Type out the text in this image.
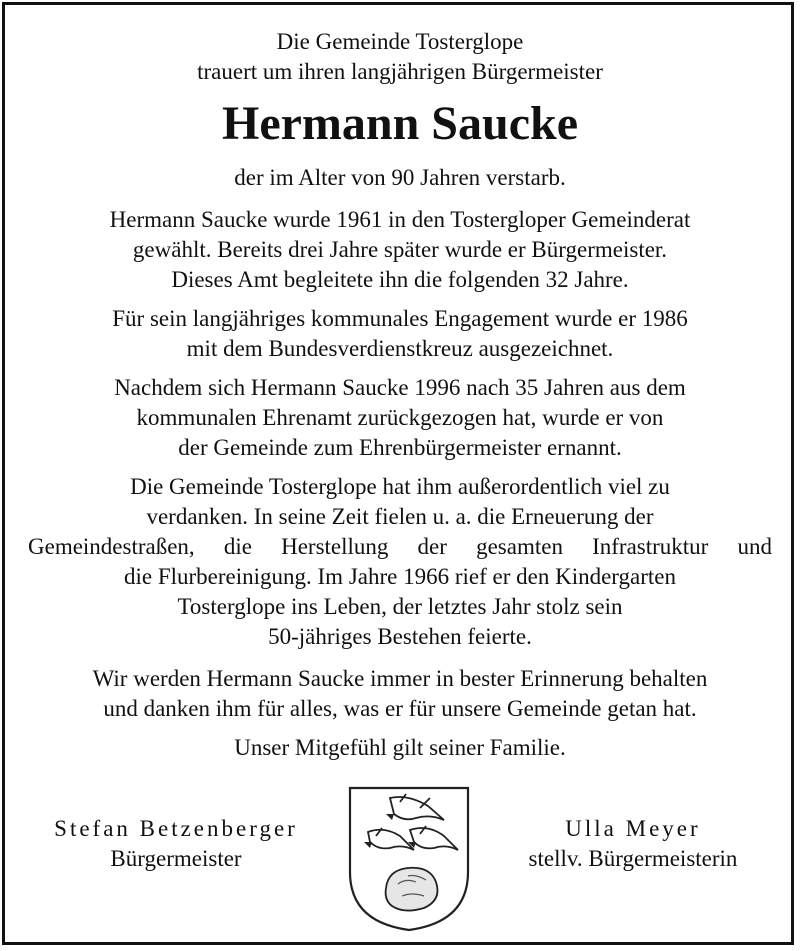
Die Gemeinde Tosterglope
trauert um ihren langjährigen Bürgermeister
Hermann Saucke
der im Alter von 90 Jahren verstarb.
Hermann Saucke wurde 1961 in den Tostergloper Gemeinderat
gewählt. Bereits drei Jahre später wurde er Bürgermeister.
Dieses Amt begleitete ihn die folgenden 32 Jahre.
Für sein langjähriges kommunales Engagement wurde er 1986
mit dem Bundesverdienstkreuz ausgezeichnet.
Nachdem sich Hermann Saucke 1996 nach 35 Jahren aus dem
kommunalen Ehrenamt zurückgezogen hat, wurde er von
der Gemeinde zum Ehrenbürgermeister ernannt.
Die Gemeinde Tosterglope hat ihm außerordentlich viel zu
verdanken. In seine Zeit fielen u. a. die Erneuerung der
Gemeindestraßen, die Herstellung der gesamten Infrastruktur und
die Flurbereinigung. Im Jahre 1966 rief er den Kindergarten
Tosterglope ins Leben, der letztes Jahr stolz sein
50-jähriges Bestehen feierte.
Wir werden Hermann Saucke immer in bester Erinnerung behalten
und danken ihm für alles, was er für unsere Gemeinde getan hat.
Unser Mitgefühl gilt seiner Familie.
Stefan Betzenberger
Bürgermeister
Ulla Meyer
stellv. Bürgermeisterin
